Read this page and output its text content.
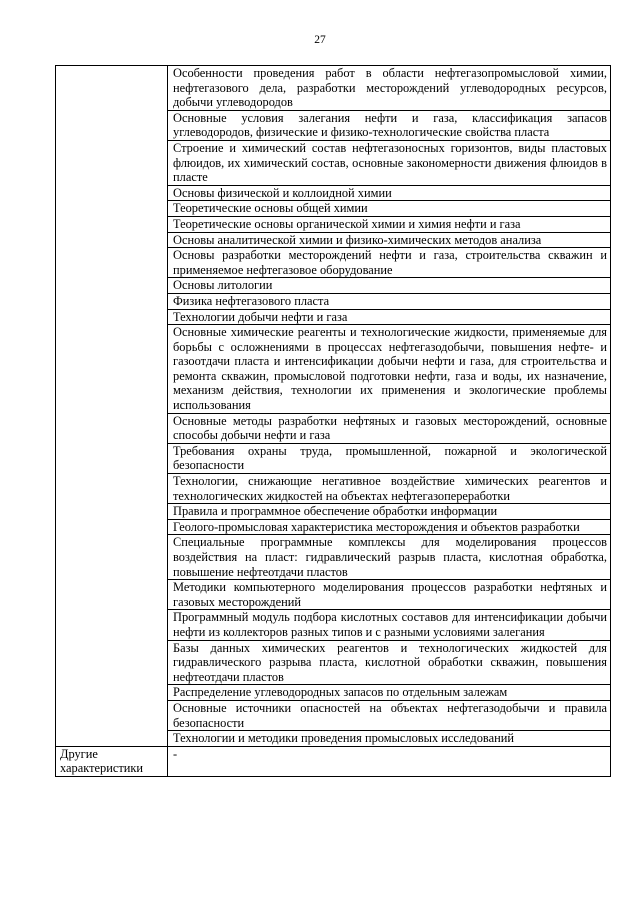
27
	Особенности проведения работ в области нефтегазопромысловой химии, нефтегазового дела, разработки месторождений углеводородных ресурсов, добычи углеводородов
	Основные условия залегания нефти и газа, классификация запасов углеводородов, физические и физико-технологические свойства пласта
	Строение и химический состав нефтегазоносных горизонтов, виды пластовых флюидов, их химический состав, основные закономерности движения флюидов в пласте
	Основы физической и коллоидной химии
	Теоретические основы общей химии
	Теоретические основы органической химии и химия нефти и газа
	Основы аналитической химии и физико-химических методов анализа
	Основы разработки месторождений нефти и газа, строительства скважин и применяемое нефтегазовое оборудование
	Основы литологии
	Физика нефтегазового пласта
	Технологии добычи нефти и газа
	Основные химические реагенты и технологические жидкости, применяемые для борьбы с осложнениями в процессах нефтегазодобычи, повышения нефте- и газоотдачи пласта и интенсификации добычи нефти и газа, для строительства и ремонта скважин, промысловой подготовки нефти, газа и воды, их назначение, механизм действия, технологии их применения и экологические проблемы использования
	Основные методы разработки нефтяных и газовых месторождений, основные способы добычи нефти и газа
	Требования охраны труда, промышленной, пожарной и экологической безопасности
	Технологии, снижающие негативное воздействие химических реагентов и технологических жидкостей на объектах нефтегазопереработки
	Правила и программное обеспечение обработки информации
	Геолого-промысловая характеристика месторождения и объектов разработки
	Специальные программные комплексы для моделирования процессов воздействия на пласт: гидравлический разрыв пласта, кислотная обработка, повышение нефтеотдачи пластов
	Методики компьютерного моделирования процессов разработки нефтяных и газовых месторождений
	Программный модуль подбора кислотных составов для интенсификации добычи нефти из коллекторов разных типов и с разными условиями залегания
	Базы данных химических реагентов и технологических жидкостей для гидравлического разрыва пласта, кислотной обработки скважин, повышения нефтеотдачи пластов
	Распределение углеводородных запасов по отдельным залежам
	Основные источники опасностей на объектах нефтегазодобычи и правила безопасности
	Технологии и методики проведения промысловых исследований
Другие характеристики	-
